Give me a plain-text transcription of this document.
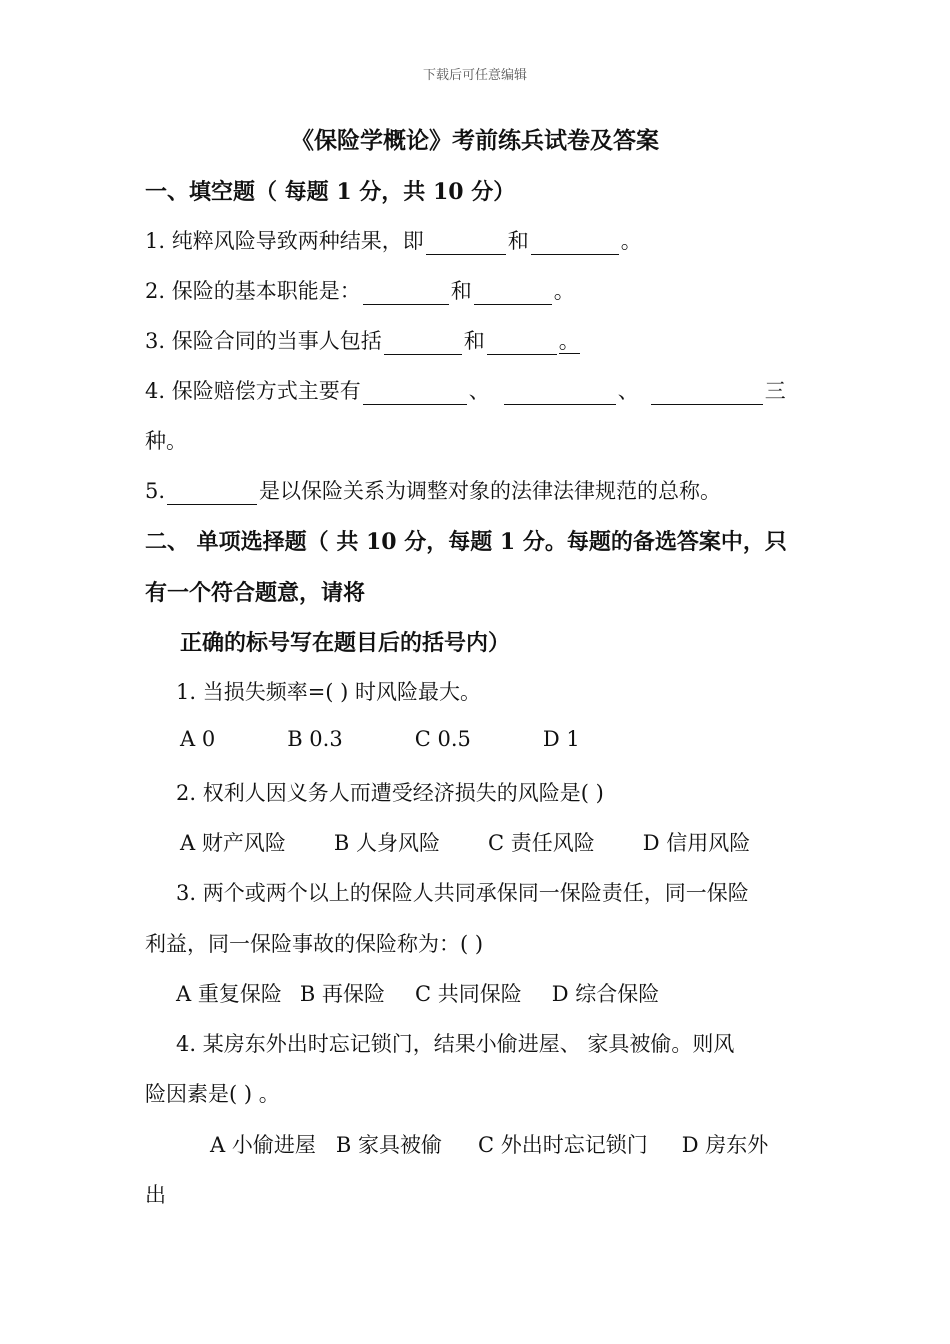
下载后可任意编辑
《保险学概论》考前练兵试卷及答案
一、填空题（ 每题 1 分，共 10 分）
1. 纯粹风险导致两种结果，即	和	。
2. 保险的基本职能是：	和	。
3. 保险合同的当事人包括	和	。
4. 保险赔偿方式主要有	、	、	三
种。
5.	是以保险关系为调整对象的法律法律规范的总称。
二、 单项选择题（ 共 10 分，每题 1 分。每题的备选答案中，只
有一个符合题意，请将
正确的标号写在题目后的括号内）
1. 当损失频率=( ) 时风险最大。
A 0	B 0.3	C 0.5	D 1
2. 权利人因义务人而遭受经济损失的风险是( )
A 财产风险 B 人身风险 C 责任风险 D 信用风险
3. 两个或两个以上的保险人共同承保同一保险责任，同一保险
利益，同一保险事故的保险称为：( )
A 重复保险 B 再保险 C 共同保险 D 综合保险
4. 某房东外出时忘记锁门，结果小偷进屋、 家具被偷。则风
险因素是( ) 。
A 小偷进屋 B 家具被偷 C 外出时忘记锁门 D 房东外
出
